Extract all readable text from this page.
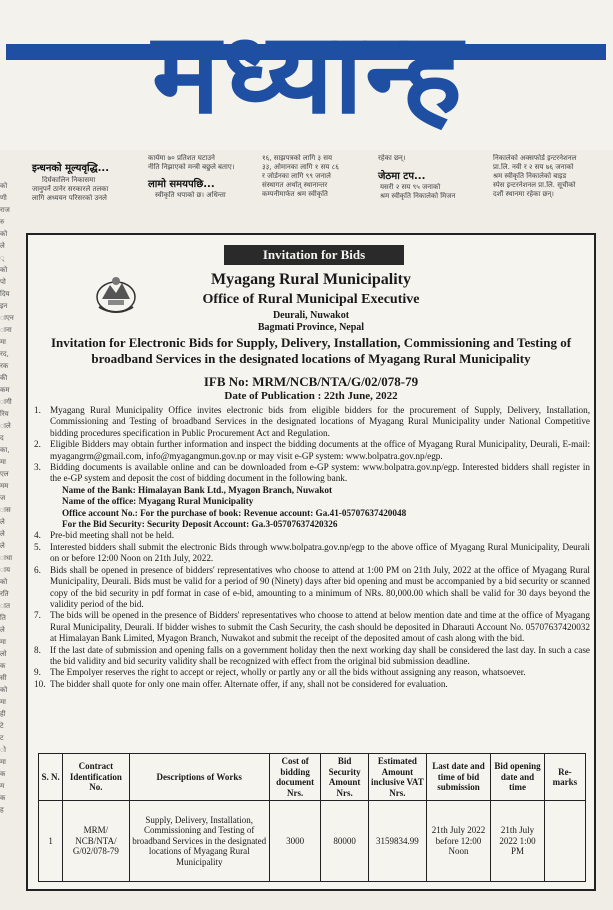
मध्यान्ह
इन्धनको मूल्यवृद्धि...
दिर्घकालिन निकासमा
जानुपर्ने ठानेर सरकारले तलका
लागि अध्ययन परिसरको उनले
कार्यमा ७० प्रतिशत घटाउने
नीति निझाएको मन्त्री बछुले बताए।
लामो समयपछि...
स्वीकृति थपाको छ। अधिन्ता
१६, साझपत्रको लागि ३ सय
३३, ओमानका लागि १ सय ८६
र जोर्डनका लागि ९९ जनाले
संस्थागत अर्थात् स्थानान्तर
कम्पनीमार्फत श्रम स्वीकृति
रहेका छन्।
जेठमा टप...
यसरी २ सय ९५ जनाको
श्रम स्वीकृति निकालेको मिजन
निकालेको अक्सफोर्ड इन्टरनेशनल
प्रा.लि. नवी र २ सय ७६ जनाको
श्रम स्वीकृति निकालेको बाइड
स्पेस इन्टरनेशनल प्रा.लि. सूचीको
दशौं स्थानमा रहेका छन्।
को
णी
राज
रु
को
ले
्
को
पो
दिय
इन
ाएन
ाना
मा
रद,
रक
की
कम
ागी
रिय
ाले
द
का,
मा
एल
मम
ज
ास
ले
ले
ले
ाधा
ाय
को
रति
ात
ति
ले
मा
लो
क
सी
को
मा
ही
टे
ट
ो
मा
क
म
क
ह
Invitation for Bids
Myagang Rural Municipality
Office of Rural Municipal Executive
Deurali, Nuwakot
Bagmati Province, Nepal
Invitation for Electronic Bids for Supply, Delivery, Installation, Commissioning and Testing of broadband Services in the designated locations of Myagang Rural Municipality
IFB No: MRM/NCB/NTA/G/02/078-79
Date of Publication : 22th June, 2022
1. Myagang Rural Municipality Office invites electronic bids from eligible bidders for the procurement of Supply, Delivery, Installation, Commissioning and Testing of broadband Services in the designated locations of Myagang Rural Municipality under National Competitive bidding procedures specification in Public Procurement Act and Regulation.
2. Eligible Bidders may obtain further information and inspect the bidding documents at the office of Myagang Rural Municipality, Deurali, E-mail: myagangrm@gmail.com, info@myagangmun.gov.np or may visit e-GP system: www.bolpatra.gov.np/egp.
3. Bidding documents is available online and can be downloaded from e-GP system: www.bolpatra.gov.np/egp. Interested bidders shall register in the e-GP system and deposit the cost of bidding document in the following bank.
Name of the Bank: Himalayan Bank Ltd., Myagon Branch, Nuwakot
Name of the office: Myagang Rural Municipality
Office account No.: For the purchase of book: Revenue account: Ga.41-05707637420048
For the Bid Security: Security Deposit Account: Ga.3-05707637420326
4. Pre-bid meeting shall not be held.
5. Interested bidders shall submit the electronic Bids through www.bolpatra.gov.np/egp to the above office of Myagang Rural Municipality, Deurali on or before 12:00 Noon on 21th July, 2022.
6. Bids shall be opened in presence of bidders' representatives who choose to attend at 1:00 PM on 21th July, 2022 at the office of Myagang Rural Municipality, Deurali. Bids must be valid for a period of 90 (Ninety) days after bid opening and must be accompanied by a bid security or scanned copy of the bid security in pdf format in case of e-bid, amounting to a minimum of NRs. 80,000.00 which shall be valid for 30 days beyond the validity period of the bid.
7. The bids will be opened in the presence of Bidders' representatives who choose to attend at below mention date and time at the office of Myagang Rural Municipality, Deurali. If bidder wishes to submit the Cash Security, the cash should be deposited in Dharauti Account No. 05707637420032 at Himalayan Bank Limited, Myagon Branch, Nuwakot and submit the receipt of the deposited amout of cash along with the bid.
8. If the last date of submission and opening falls on a government holiday then the next working day shall be considered the last day. In such a case the bid validity and bid security validity shall be recognized with effect from the original bid submission deadline.
9. The Empolyer reserves the right to accept or reject, wholly or partly any or all the bids without assigning any reason, whatsoever.
10. The bidder shall quote for only one main offer. Alternate offer, if any, shall not be considered for evaluation.
S. N.	Contract Identification No.	Descriptions of Works	Cost of bidding document Nrs.	Bid Security Amount Nrs.	Estimated Amount inclusive VAT Nrs.	Last date and time of bid submission	Bid opening date and time	Re-marks
1	MRM/ NCB/NTA/ G/02/078-79	Supply, Delivery, Installation, Commissioning and Testing of broadband Services in the designated locations of Myagang Rural Municipality	3000	80000	3159834.99	21th July 2022 before 12:00 Noon	21th July 2022 1:00 PM	
